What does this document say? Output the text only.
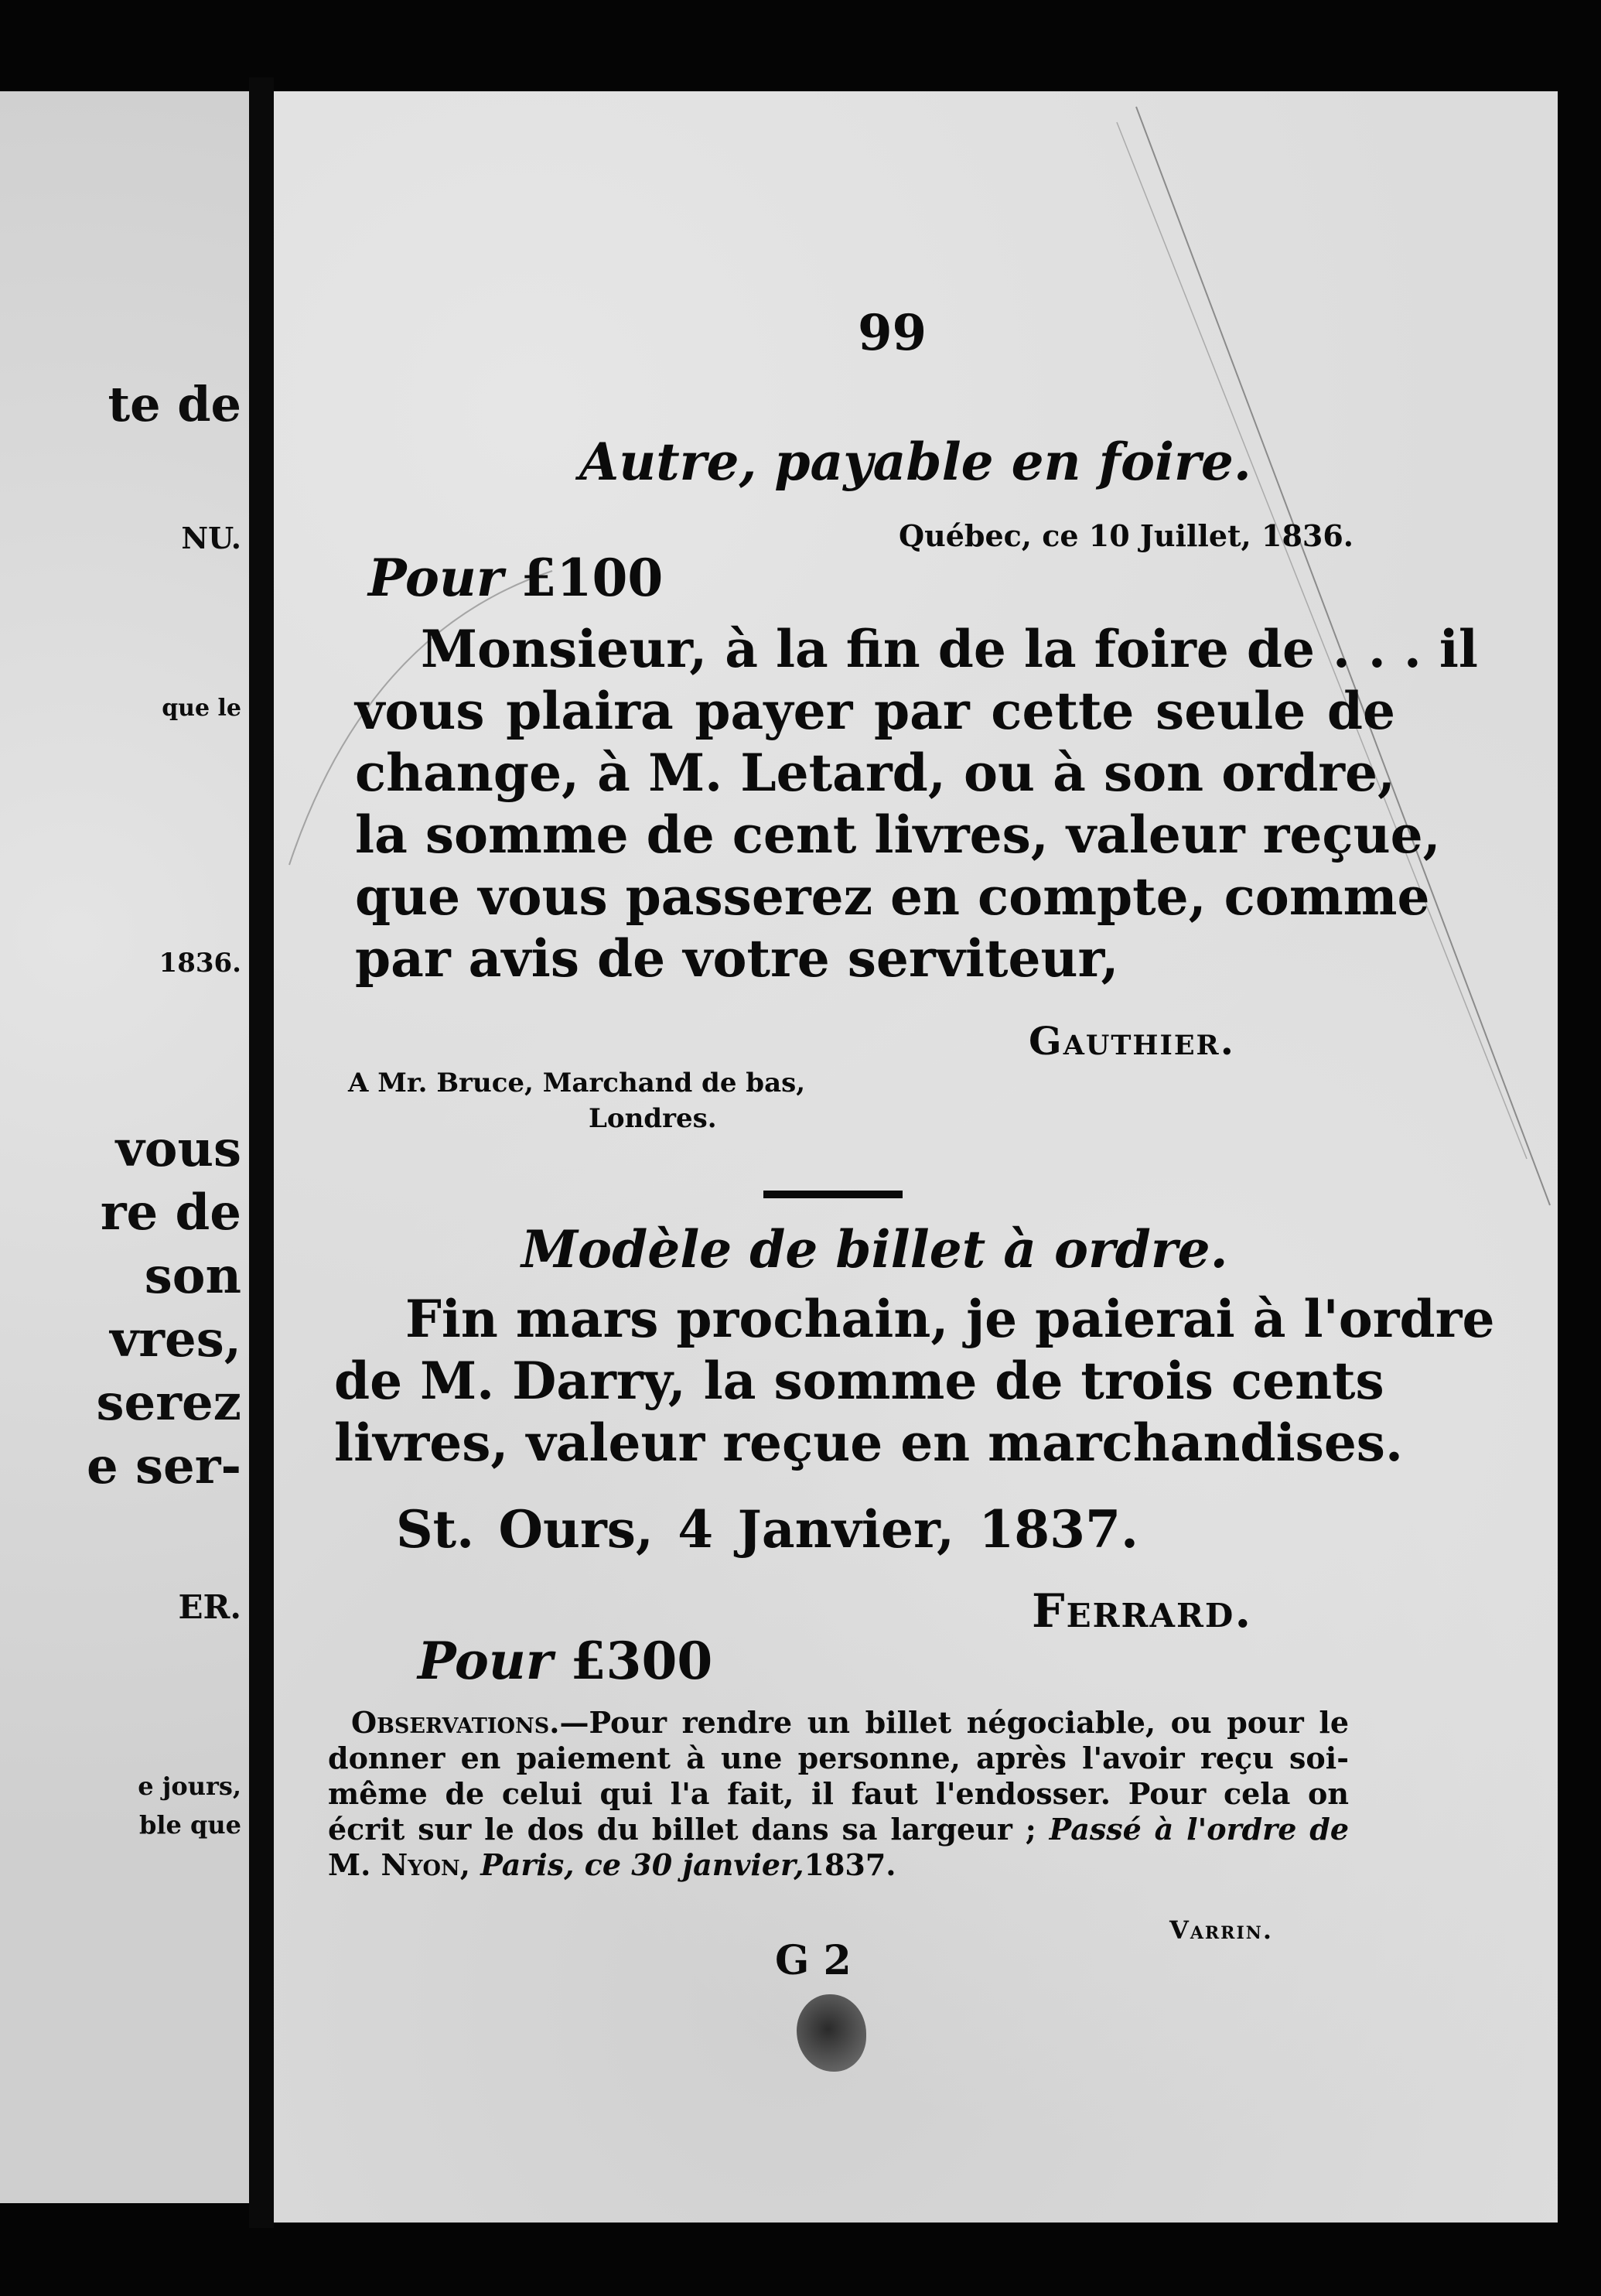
te de
NU.
que le
1836.
vous
re de
son
vres,
serez
e ser-
ER.
e jours,
ble que
99
Autre, payable en foire.
Québec, ce 10 Juillet, 1836.
Pour £100
Monsieur, à la fin de la foire de . . . il
vous plaira payer par cette seule de
change, à M. Letard, ou à son ordre,
la somme de cent livres, valeur reçue,
que vous passerez en compte, comme
par avis de votre serviteur,
Gauthier.
A Mr. Bruce, Marchand de bas,
Londres.
Modèle de billet à ordre.
Fin mars prochain, je paierai à l'ordre
de M. Darry, la somme de trois cents
livres, valeur reçue en marchandises.
St. Ours, 4 Janvier, 1837.
Ferrard.
Pour £300
Observations.—Pour rendre un billet négociable, ou pour le
donner en paiement à une personne, après l'avoir reçu soi-
même de celui qui l'a fait, il faut l'endosser. Pour cela on
écrit sur le dos du billet dans sa largeur ; Passé à l'ordre de
M. Nyon, Paris, ce 30 janvier,1837.
Varrin.
G 2
